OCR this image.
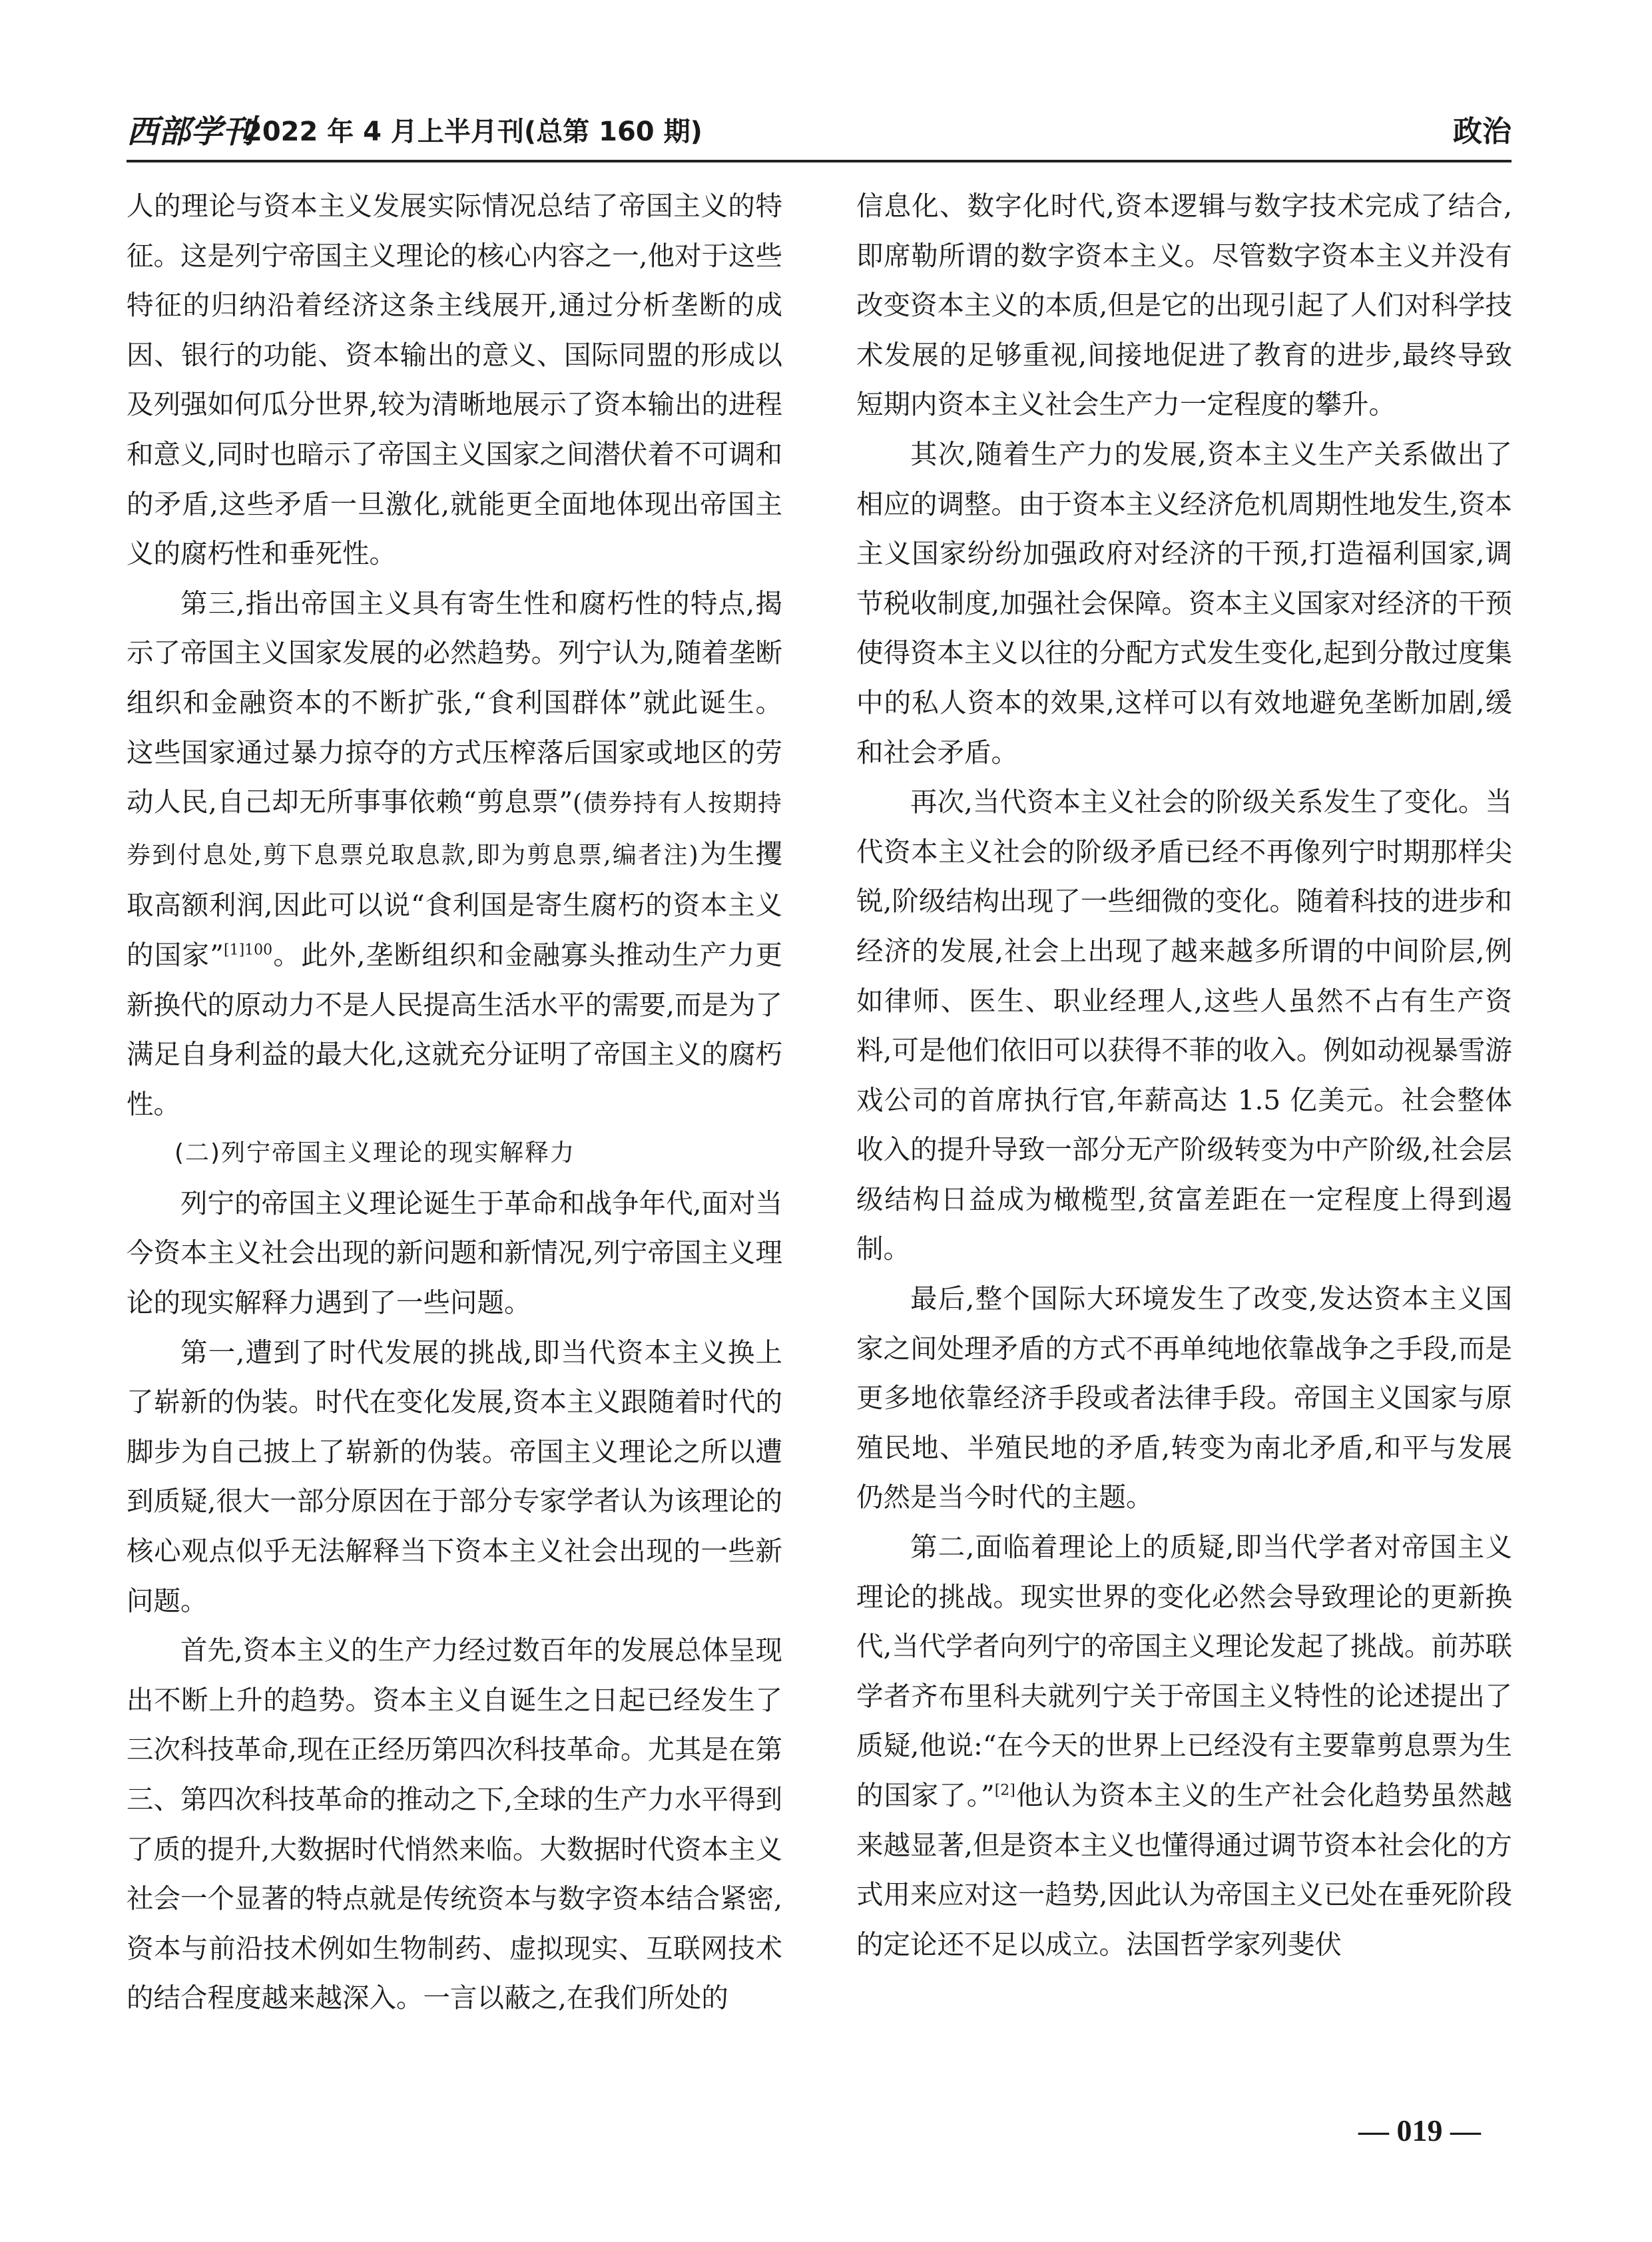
西部学刊
2022 年 4 月上半月刊(总第 160 期)	政治

人的理论与资本主义发展实际情况总结了帝国主义的特征。这是列宁帝国主义理论的核心内容之一,他对于这些特征的归纳沿着经济这条主线展开,通过分析垄断的成因、银行的功能、资本输出的意义、国际同盟的形成以及列强如何瓜分世界,较为清晰地展示了资本输出的进程和意义,同时也暗示了帝国主义国家之间潜伏着不可调和的矛盾,这些矛盾一旦激化,就能更全面地体现出帝国主义的腐朽性和垂死性。

第三,指出帝国主义具有寄生性和腐朽性的特点,揭示了帝国主义国家发展的必然趋势。列宁认为,随着垄断组织和金融资本的不断扩张,“食利国群体”就此诞生。这些国家通过暴力掠夺的方式压榨落后国家或地区的劳动人民,自己却无所事事依赖“剪息票”(债券持有人按期持券到付息处,剪下息票兑取息款,即为剪息票,编者注)为生攫取高额利润,因此可以说“食利国是寄生腐朽的资本主义的国家”$^{[1]100}$。此外,垄断组织和金融寡头推动生产力更新换代的原动力不是人民提高生活水平的需要,而是为了满足自身利益的最大化,这就充分证明了帝国主义的腐朽性。

(二)列宁帝国主义理论的现实解释力

列宁的帝国主义理论诞生于革命和战争年代,面对当今资本主义社会出现的新问题和新情况,列宁帝国主义理论的现实解释力遇到了一些问题。

第一,遭到了时代发展的挑战,即当代资本主义换上了崭新的伪装。时代在变化发展,资本主义跟随着时代的脚步为自己披上了崭新的伪装。帝国主义理论之所以遭到质疑,很大一部分原因在于部分专家学者认为该理论的核心观点似乎无法解释当下资本主义社会出现的一些新问题。

首先,资本主义的生产力经过数百年的发展总体呈现出不断上升的趋势。资本主义自诞生之日起已经发生了三次科技革命,现在正经历第四次科技革命。尤其是在第三、第四次科技革命的推动之下,全球的生产力水平得到了质的提升,大数据时代悄然来临。大数据时代资本主义社会一个显著的特点就是传统资本与数字资本结合紧密,资本与前沿技术例如生物制药、虚拟现实、互联网技术的结合程度越来越深入。一言以蔽之,在我们所处的

信息化、数字化时代,资本逻辑与数字技术完成了结合,即席勒所谓的数字资本主义。尽管数字资本主义并没有改变资本主义的本质,但是它的出现引起了人们对科学技术发展的足够重视,间接地促进了教育的进步,最终导致短期内资本主义社会生产力一定程度的攀升。

其次,随着生产力的发展,资本主义生产关系做出了相应的调整。由于资本主义经济危机周期性地发生,资本主义国家纷纷加强政府对经济的干预,打造福利国家,调节税收制度,加强社会保障。资本主义国家对经济的干预使得资本主义以往的分配方式发生变化,起到分散过度集中的私人资本的效果,这样可以有效地避免垄断加剧,缓和社会矛盾。

再次,当代资本主义社会的阶级关系发生了变化。当代资本主义社会的阶级矛盾已经不再像列宁时期那样尖锐,阶级结构出现了一些细微的变化。随着科技的进步和经济的发展,社会上出现了越来越多所谓的中间阶层,例如律师、医生、职业经理人,这些人虽然不占有生产资料,可是他们依旧可以获得不菲的收入。例如动视暴雪游戏公司的首席执行官,年薪高达 1.5 亿美元。社会整体收入的提升导致一部分无产阶级转变为中产阶级,社会层级结构日益成为橄榄型,贫富差距在一定程度上得到遏制。

最后,整个国际大环境发生了改变,发达资本主义国家之间处理矛盾的方式不再单纯地依靠战争之手段,而是更多地依靠经济手段或者法律手段。帝国主义国家与原殖民地、半殖民地的矛盾,转变为南北矛盾,和平与发展仍然是当今时代的主题。

第二,面临着理论上的质疑,即当代学者对帝国主义理论的挑战。现实世界的变化必然会导致理论的更新换代,当代学者向列宁的帝国主义理论发起了挑战。前苏联学者齐布里科夫就列宁关于帝国主义特性的论述提出了质疑,他说:“在今天的世界上已经没有主要靠剪息票为生的国家了。”[2]他认为资本主义的生产社会化趋势虽然越来越显著,但是资本主义也懂得通过调节资本社会化的方式用来应对这一趋势,因此认为帝国主义已处在垂死阶段的定论还不足以成立。法国哲学家列斐伏

— 019 —
